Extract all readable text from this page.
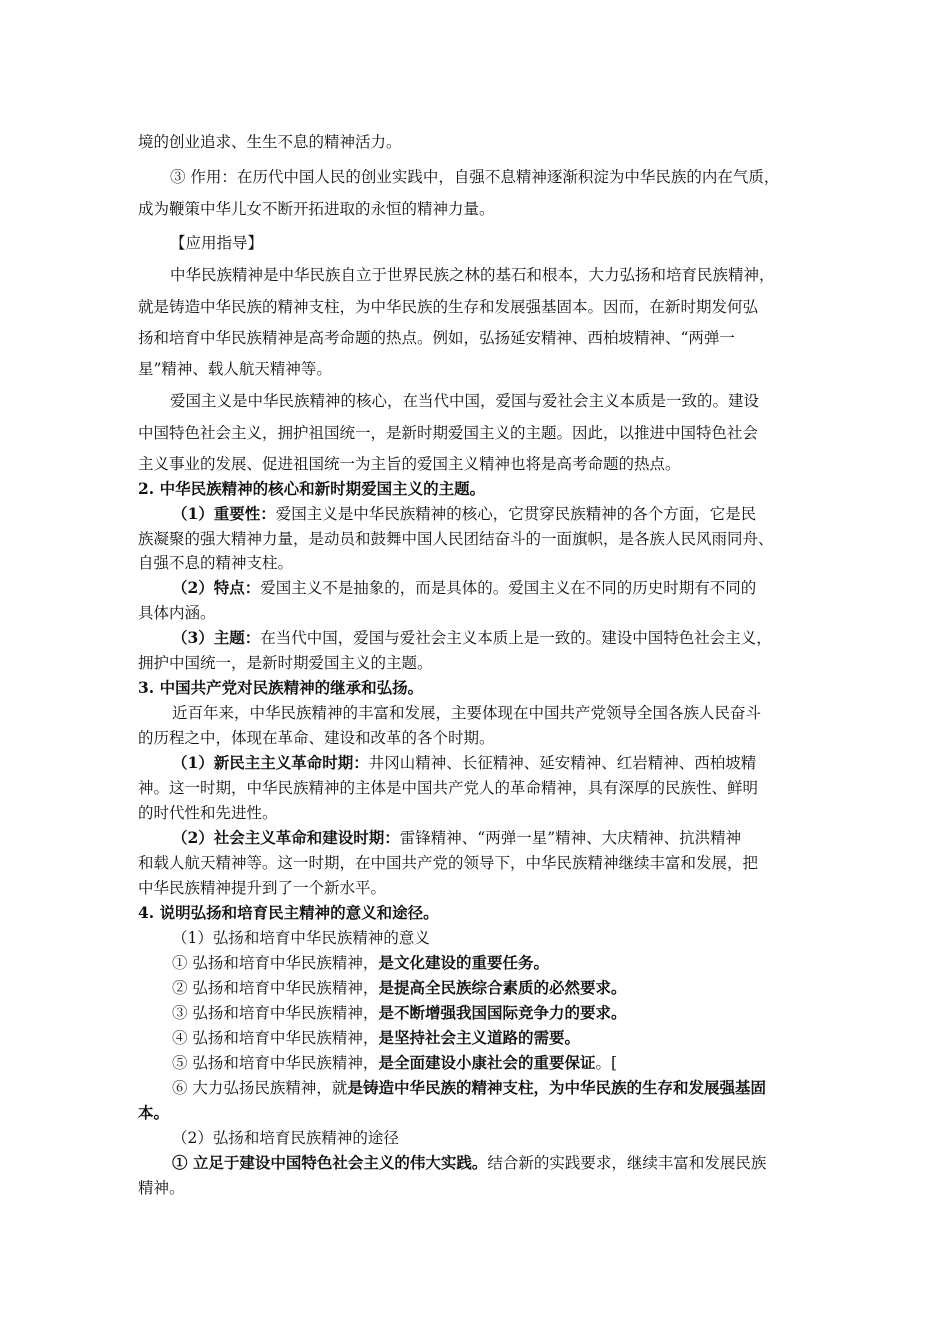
境的创业追求、生生不息的精神活力。
③ 作用：在历代中国人民的创业实践中，自强不息精神逐渐积淀为中华民族的内在气质，
成为鞭策中华儿女不断开拓进取的永恒的精神力量。
【应用指导】
中华民族精神是中华民族自立于世界民族之林的基石和根本，大力弘扬和培育民族精神，
就是铸造中华民族的精神支柱，为中华民族的生存和发展强基固本。因而，在新时期发何弘
扬和培育中华民族精神是高考命题的热点。例如，弘扬延安精神、西柏坡精神、“两弹一
星”精神、载人航天精神等。
爱国主义是中华民族精神的核心，在当代中国，爱国与爱社会主义本质是一致的。建设
中国特色社会主义，拥护祖国统一，是新时期爱国主义的主题。因此，以推进中国特色社会
主义事业的发展、促进祖国统一为主旨的爱国主义精神也将是高考命题的热点。
2. 中华民族精神的核心和新时期爱国主义的主题。
（1）重要性：爱国主义是中华民族精神的核心，它贯穿民族精神的各个方面，它是民
族凝聚的强大精神力量，是动员和鼓舞中国人民团结奋斗的一面旗帜，是各族人民风雨同舟、
自强不息的精神支柱。
（2）特点：爱国主义不是抽象的，而是具体的。爱国主义在不同的历史时期有不同的
具体内涵。
（3）主题：在当代中国，爱国与爱社会主义本质上是一致的。建设中国特色社会主义，
拥护中国统一，是新时期爱国主义的主题。
3. 中国共产党对民族精神的继承和弘扬。
近百年来，中华民族精神的丰富和发展，主要体现在中国共产党领导全国各族人民奋斗
的历程之中，体现在革命、建设和改革的各个时期。
（1）新民主主义革命时期：井冈山精神、长征精神、延安精神、红岩精神、西柏坡精
神。这一时期，中华民族精神的主体是中国共产党人的革命精神，具有深厚的民族性、鲜明
的时代性和先进性。
（2）社会主义革命和建设时期：雷锋精神、“两弹一星”精神、大庆精神、抗洪精神
和载人航天精神等。这一时期，在中国共产党的领导下，中华民族精神继续丰富和发展，把
中华民族精神提升到了一个新水平。
4. 说明弘扬和培育民主精神的意义和途径。
（1）弘扬和培育中华民族精神的意义
① 弘扬和培育中华民族精神，是文化建设的重要任务。
② 弘扬和培育中华民族精神，是提高全民族综合素质的必然要求。
③ 弘扬和培育中华民族精神，是不断增强我国国际竞争力的要求。
④ 弘扬和培育中华民族精神，是坚持社会主义道路的需要。
⑤ 弘扬和培育中华民族精神，是全面建设小康社会的重要保证。[
⑥ 大力弘扬民族精神，就是铸造中华民族的精神支柱，为中华民族的生存和发展强基固
本。
（2）弘扬和培育民族精神的途径
① 立足于建设中国特色社会主义的伟大实践。结合新的实践要求，继续丰富和发展民族
精神。
